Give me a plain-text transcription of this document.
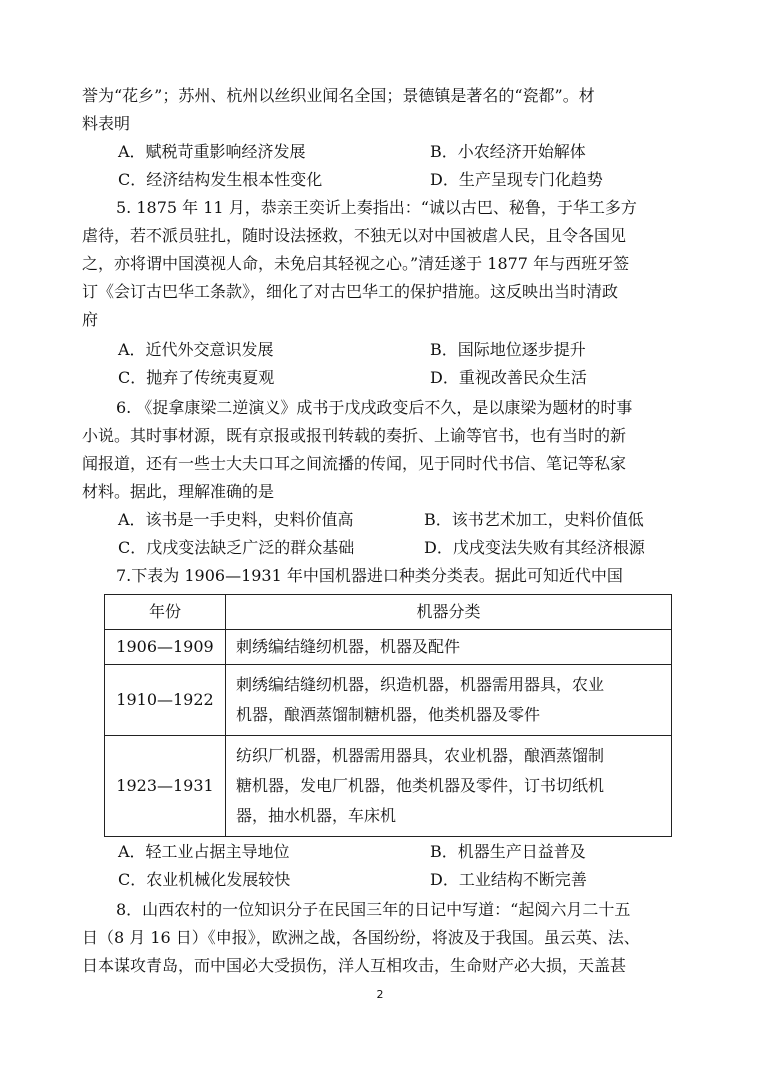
誉为“花乡”；苏州、杭州以丝织业闻名全国；景德镇是著名的“瓷都”。材
料表明
A．赋税苛重影响经济发展	B．小农经济开始解体
C．经济结构发生根本性变化	D．生产呈现专门化趋势
5. 1875 年 11 月，恭亲王奕䜣上奏指出：“诚以古巴、秘鲁，于华工多方
虐待，若不派员驻扎，随时设法拯救，不独无以对中国被虐人民，且令各国见
之，亦将谓中国漠视人命，未免启其轻视之心。”清廷遂于 1877 年与西班牙签
订《会订古巴华工条款》，细化了对古巴华工的保护措施。这反映出当时清政
府
A．近代外交意识发展	B．国际地位逐步提升
C．抛弃了传统夷夏观	D．重视改善民众生活
6. 《捉拿康梁二逆演义》成书于戊戌政变后不久，是以康梁为题材的时事
小说。其时事材源，既有京报或报刊转载的奏折、上谕等官书，也有当时的新
闻报道，还有一些士大夫口耳之间流播的传闻，见于同时代书信、笔记等私家
材料。据此，理解准确的是
A．该书是一手史料，史料价值高	B．该书艺术加工，史料价值低
C．戊戌变法缺乏广泛的群众基础	D．戊戌变法失败有其经济根源
7.下表为 1906—1931 年中国机器进口种类分类表。据此可知近代中国
年份	机器分类
1906—1909	刺绣编结缝纫机器，机器及配件

1910—1922	刺绣编结缝纫机器，织造机器，机器需用器具，农业
机器，酿酒蒸馏制糖机器，他类机器及零件

1923—1931	纺织厂机器，机器需用器具，农业机器，酿酒蒸馏制
糖机器，发电厂机器，他类机器及零件，订书切纸机
器，抽水机器，车床机
A．轻工业占据主导地位	B．机器生产日益普及
C．农业机械化发展较快	D．工业结构不断完善
8．山西农村的一位知识分子在民国三年的日记中写道：“起阅六月二十五
日（8 月 16 日）《申报》，欧洲之战，各国纷纷，将波及于我国。虽云英、法、
日本谋攻青岛，而中国必大受损伤，洋人互相攻击，生命财产必大损，天盖甚
2
